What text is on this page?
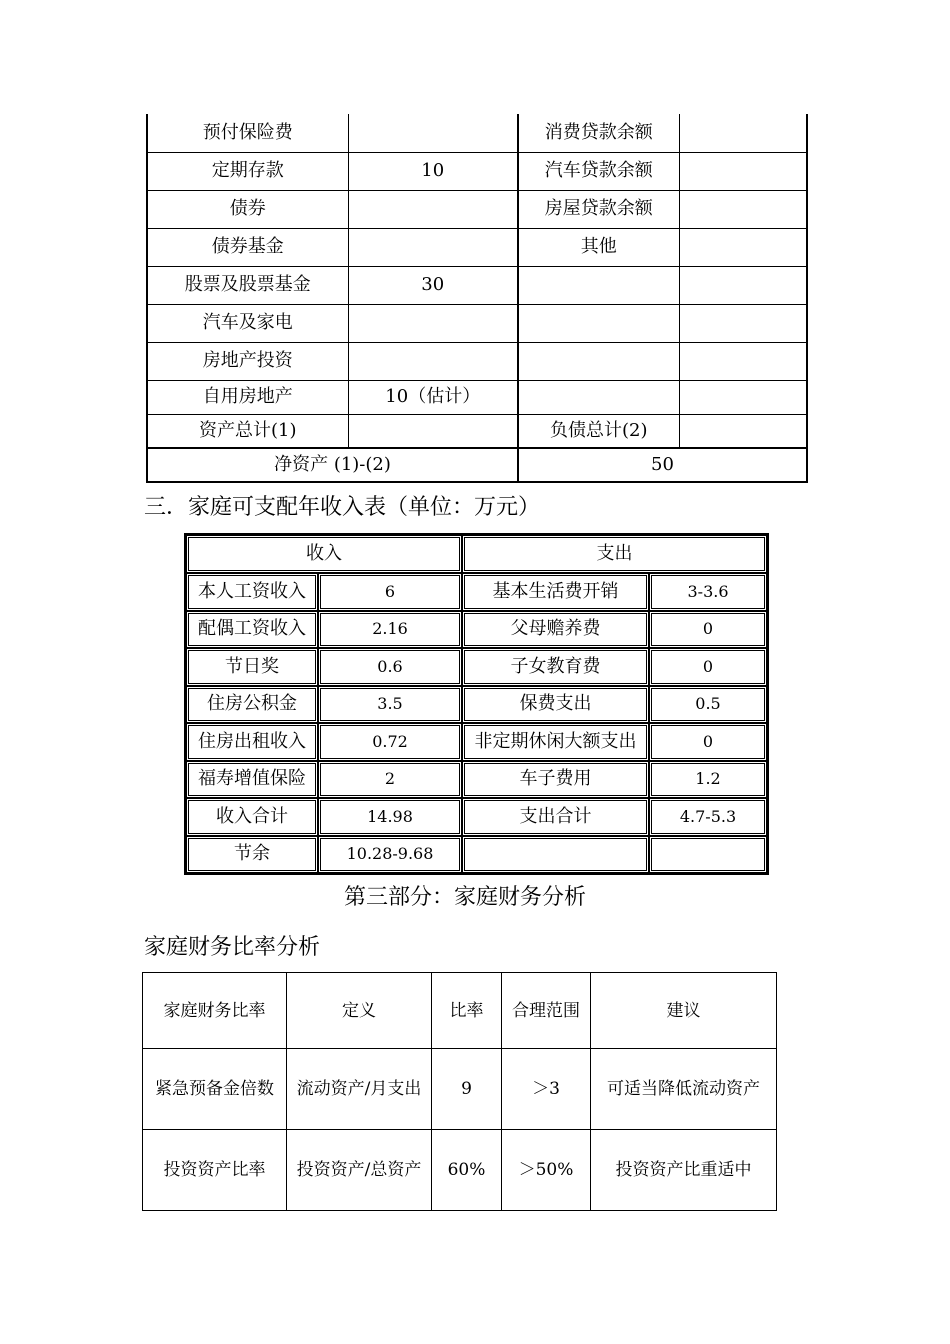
预付保险费		消费贷款余额	
定期存款	10	汽车贷款余额	
债券		房屋贷款余额	
债券基金		其他	
股票及股票基金	30		
汽车及家电			
房地产投资			
自用房地产	10（估计）		
资产总计(1)		负债总计(2)	
净资产 (1)-(2)		50	
三．家庭可支配年收入表（单位：万元）
收入		支出	
本人工资收入	6	基本生活费开销	3-3.6
配偶工资收入	2.16	父母赡养费	0
节日奖	0.6	子女教育费	0
住房公积金	3.5	保费支出	0.5
住房出租收入	0.72	非定期休闲大额支出	0
福寿增值保险	2	车子费用	1.2
收入合计	14.98	支出合计	4.7-5.3
节余	10.28-9.68		
第三部分：家庭财务分析
家庭财务比率分析
家庭财务比率	定义	比率	合理范围	建议
紧急预备金倍数	流动资产/月支出	9	＞3	可适当降低流动资产
投资资产比率	投资资产/总资产	60%	＞50%	投资资产比重适中
